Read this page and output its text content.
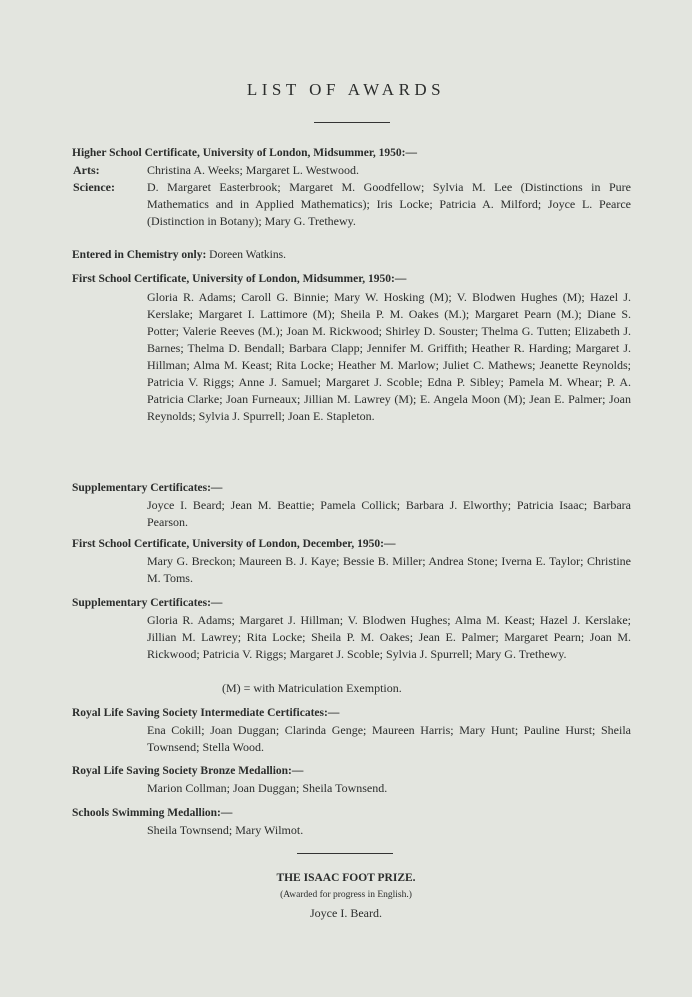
LIST OF AWARDS
Higher School Certificate, University of London, Midsummer, 1950:—
Arts:	Christina A. Weeks; Margaret L. Westwood.
Science:	D. Margaret Easterbrook; Margaret M. Goodfellow; Sylvia M. Lee (Distinctions in Pure Mathematics and in Applied Mathematics); Iris Locke; Patricia A. Milford; Joyce L. Pearce (Distinction in Botany); Mary G. Trethewy.
Entered in Chemistry only: Doreen Watkins.
First School Certificate, University of London, Midsummer, 1950:—
Gloria R. Adams; Caroll G. Binnie; Mary W. Hosking (M); V. Blodwen Hughes (M); Hazel J. Kerslake; Margaret I. Lattimore (M); Sheila P. M. Oakes (M.); Margaret Pearn (M.); Diane S. Potter; Valerie Reeves (M.); Joan M. Rickwood; Shirley D. Souster; Thelma G. Tutten; Elizabeth J. Barnes; Thelma D. Bendall; Barbara Clapp; Jennifer M. Griffith; Heather R. Harding; Margaret J. Hillman; Alma M. Keast; Rita Locke; Heather M. Marlow; Juliet C. Mathews; Jeanette Reynolds; Patricia V. Riggs; Anne J. Samuel; Margaret J. Scoble; Edna P. Sibley; Pamela M. Whear; P. A. Patricia Clarke; Joan Furneaux; Jillian M. Lawrey (M); E. Angela Moon (M); Jean E. Palmer; Joan Reynolds; Sylvia J. Spurrell; Joan E. Stapleton.
Supplementary Certificates:—
Joyce I. Beard; Jean M. Beattie; Pamela Collick; Barbara J. Elworthy; Patricia Isaac; Barbara Pearson.
First School Certificate, University of London, December, 1950:—
Mary G. Breckon; Maureen B. J. Kaye; Bessie B. Miller; Andrea Stone; Iverna E. Taylor; Christine M. Toms.
Supplementary Certificates:—
Gloria R. Adams; Margaret J. Hillman; V. Blodwen Hughes; Alma M. Keast; Hazel J. Kerslake; Jillian M. Lawrey; Rita Locke; Sheila P. M. Oakes; Jean E. Palmer; Margaret Pearn; Joan M. Rickwood; Patricia V. Riggs; Margaret J. Scoble; Sylvia J. Spurrell; Mary G. Trethewy.
(M) = with Matriculation Exemption.
Royal Life Saving Society Intermediate Certificates:—
Ena Cokill; Joan Duggan; Clarinda Genge; Maureen Harris; Mary Hunt; Pauline Hurst; Sheila Townsend; Stella Wood.
Royal Life Saving Society Bronze Medallion:—
Marion Collman; Joan Duggan; Sheila Townsend.
Schools Swimming Medallion:—
Sheila Townsend; Mary Wilmot.
THE ISAAC FOOT PRIZE.
(Awarded for progress in English.)
Joyce I. Beard.
